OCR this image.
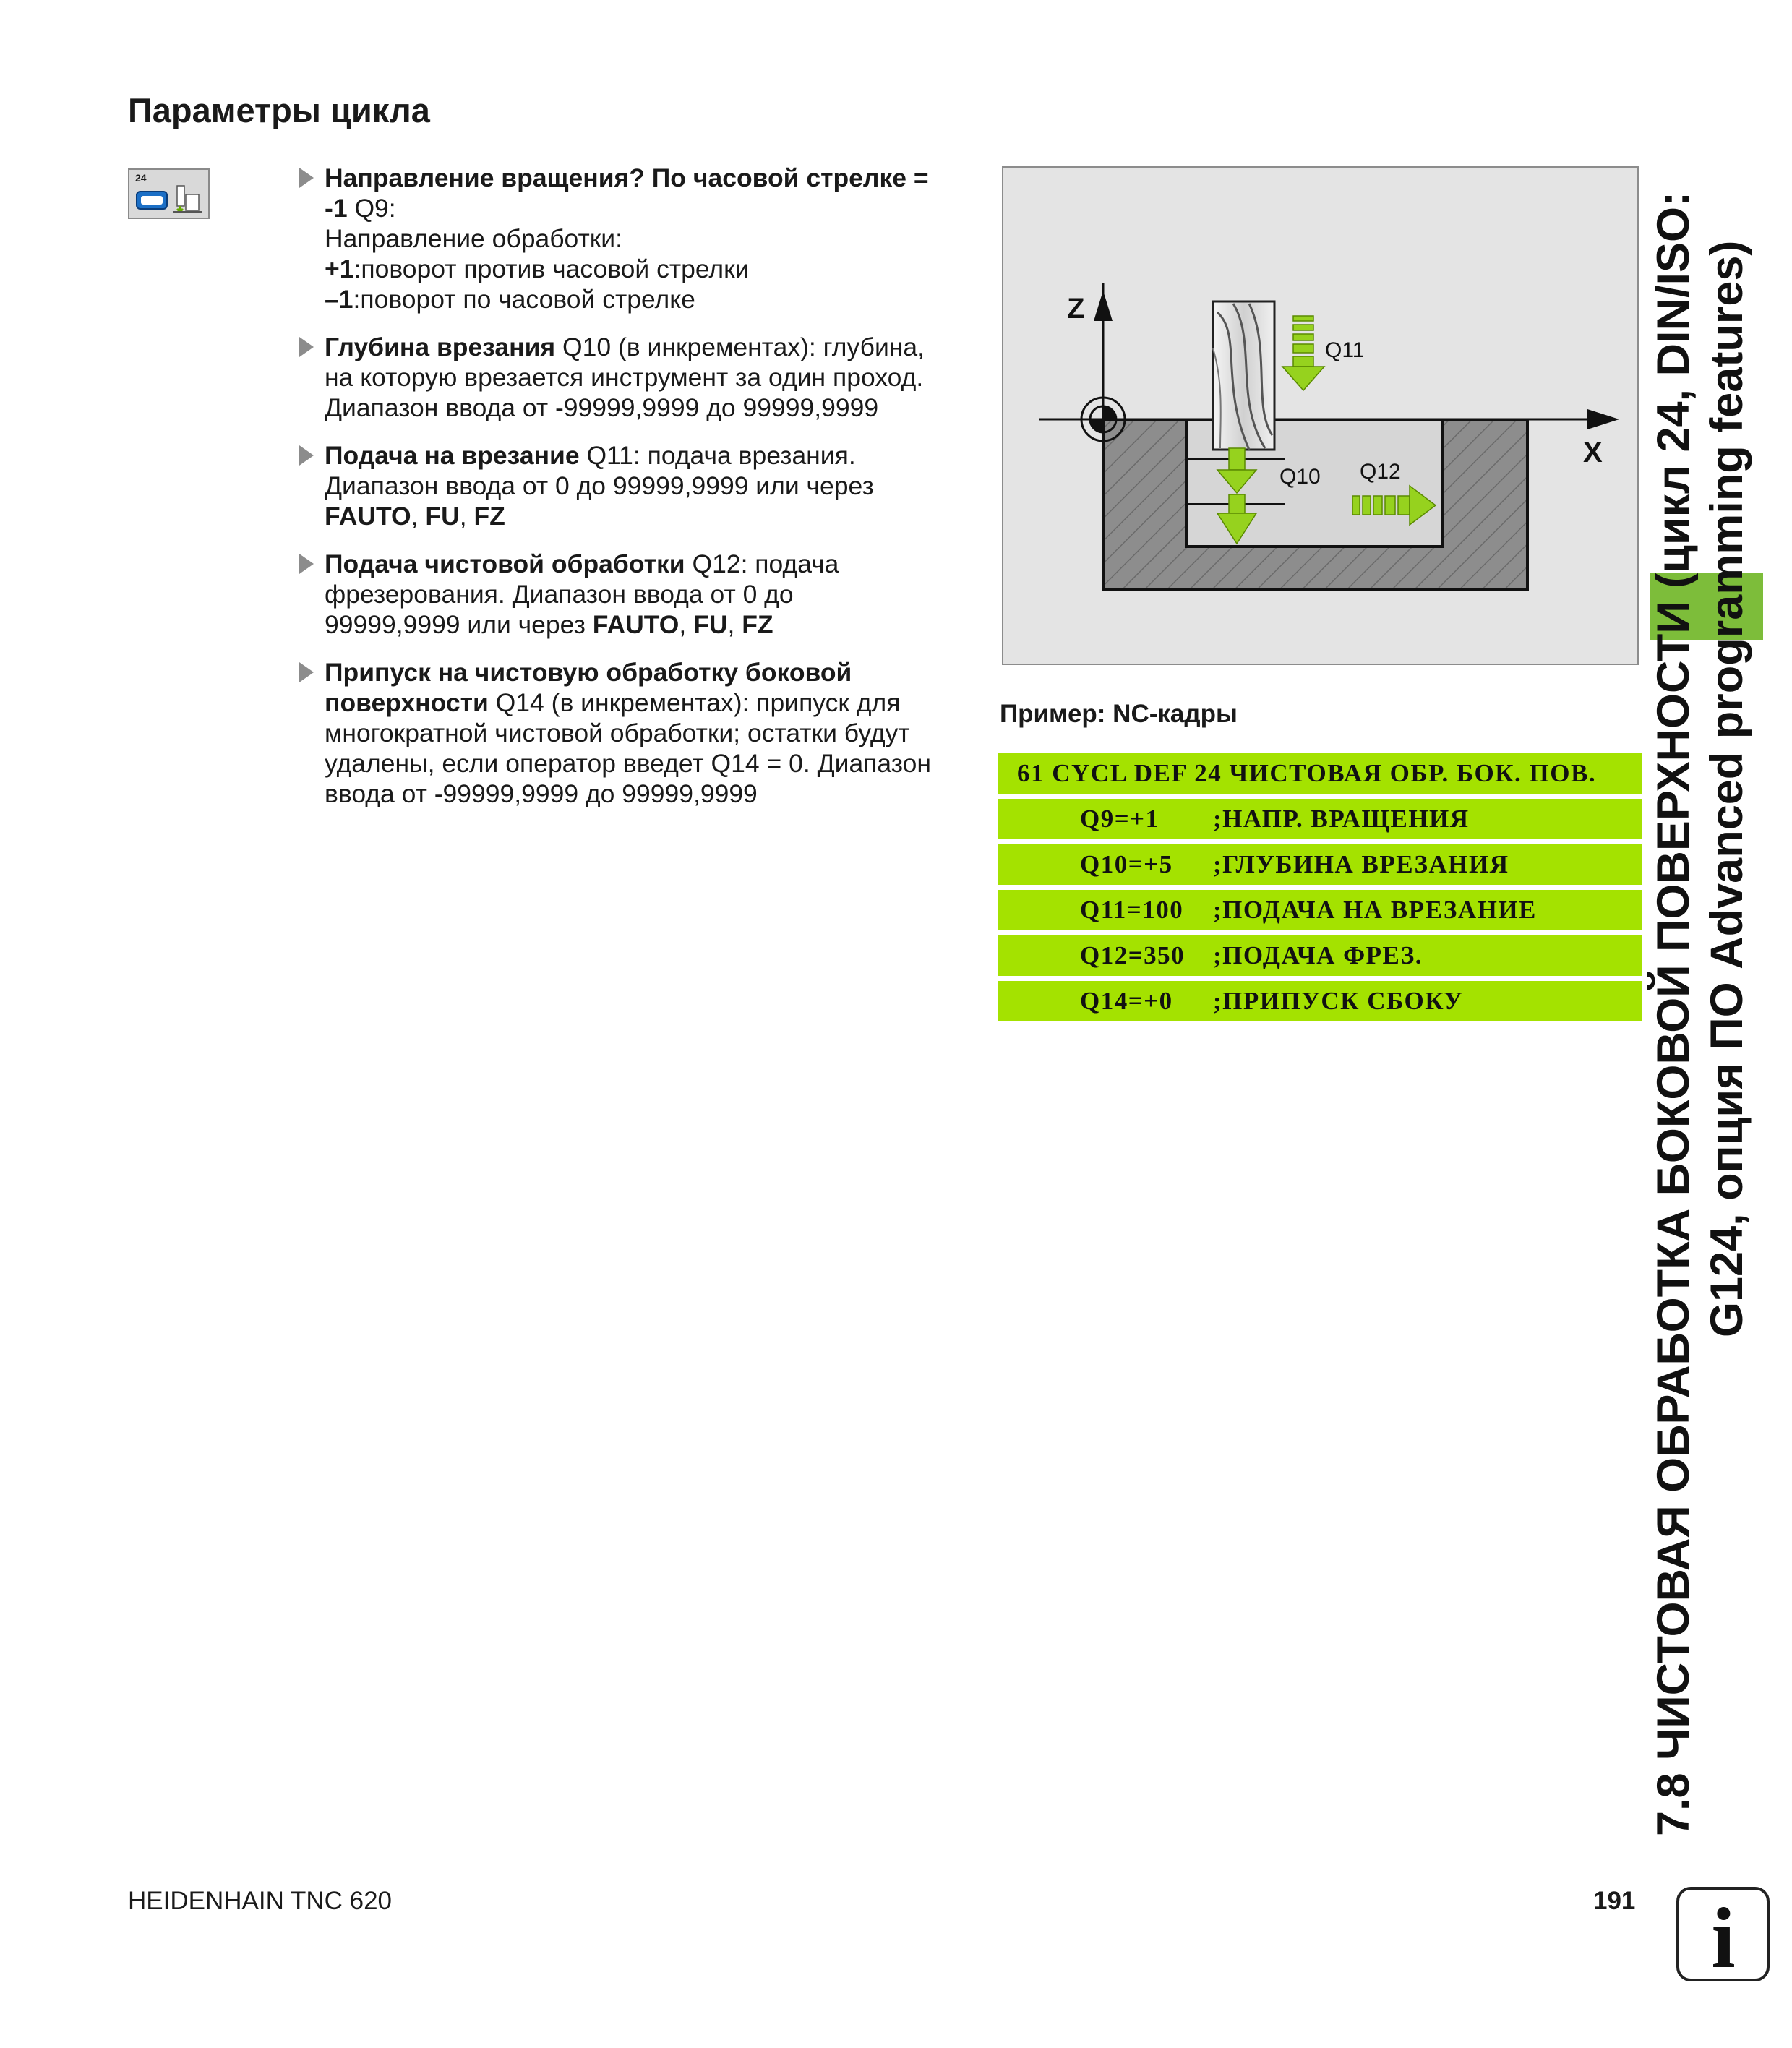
Параметры цикла
24	Направление вращения? По часовой стрелке =
-1 Q9:
Направление обработки:
+1:поворот против часовой стрелки
–1:поворот по часовой стрелке
Глубина врезания Q10 (в инкрементах): глубина,
на которую врезается инструмент за один проход.
Диапазон ввода от -99999,9999 до 99999,9999
Подача на врезание Q11: подача врезания.
Диапазон ввода от 0 до 99999,9999 или через
FAUTO, FU, FZ
Подача чистовой обработки Q12: подача
фрезерования. Диапазон ввода от 0 до
99999,9999 или через FAUTO, FU, FZ
Припуск на чистовую обработку боковой
поверхности Q14 (в инкрементах): припуск для
многократной чистовой обработки; остатки будут
удалены, если оператор введет Q14 = 0. Диапазон
ввода от -99999,9999 до 99999,9999
X
Z
Q11
Q10 Q12
Пример: NC-кадры
61 CYCL DEF 24 ЧИСТОВАЯ ОБР. БОК. ПОВ.
Q9=+1 ;НАПР. ВРАЩЕНИЯ
Q10=+5 ;ГЛУБИНА ВРЕЗАНИЯ
Q11=100 ;ПОДАЧА НА ВРЕЗАНИЕ
Q12=350 ;ПОДАЧА ФРЕЗ.
Q14=+0 ;ПРИПУСК СБОКУ	7.8 ЧИСТОВАЯ ОБРАБОТКА БОКОВОЙ ПОВЕРХНОСТИ (цикл 24, DIN/ISO: G124, опция ПО Advanced programming features)
HEIDENHAIN TNC 620	191 i
